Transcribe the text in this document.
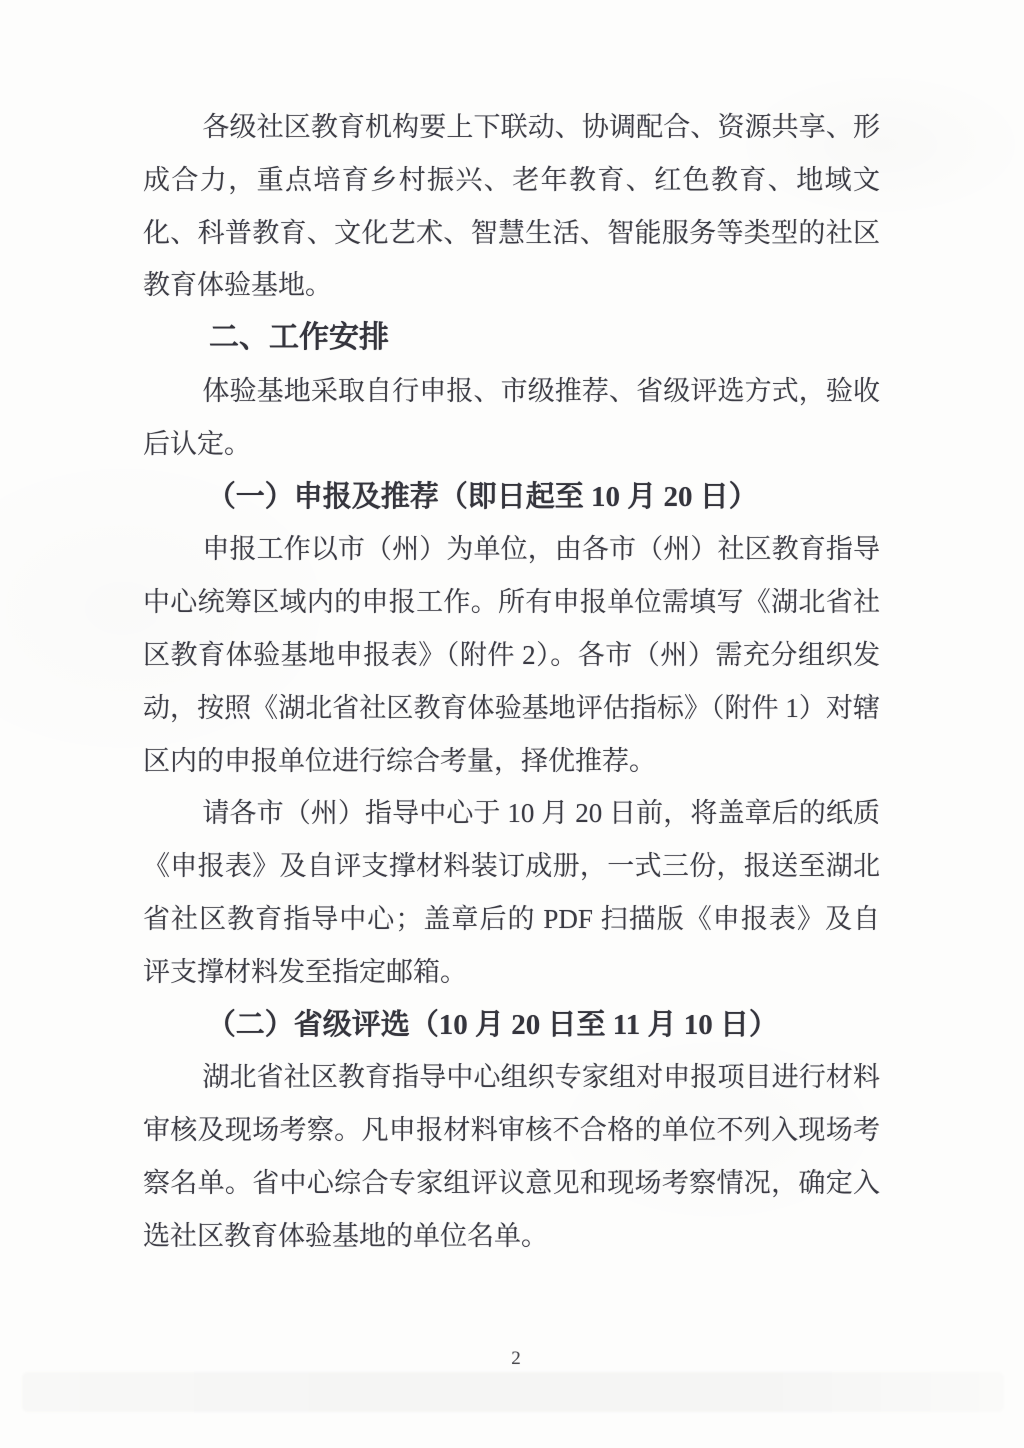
各级社区教育机构要上下联动、协调配合、资源共享、形成合力，重点培育乡村振兴、老年教育、红色教育、地域文化、科普教育、文化艺术、智慧生活、智能服务等类型的社区教育体验基地。

二、工作安排

体验基地采取自行申报、市级推荐、省级评选方式，验收后认定。

（一）申报及推荐（即日起至 10 月 20 日）

申报工作以市（州）为单位，由各市（州）社区教育指导中心统筹区域内的申报工作。所有申报单位需填写《湖北省社区教育体验基地申报表》（附件 2）。各市（州）需充分组织发动，按照《湖北省社区教育体验基地评估指标》（附件 1）对辖区内的申报单位进行综合考量，择优推荐。

请各市（州）指导中心于 10 月 20 日前，将盖章后的纸质《申报表》及自评支撑材料装订成册，一式三份，报送至湖北省社区教育指导中心；盖章后的 PDF 扫描版《申报表》及自评支撑材料发至指定邮箱。

（二）省级评选（10 月 20 日至 11 月 10 日）

湖北省社区教育指导中心组织专家组对申报项目进行材料审核及现场考察。凡申报材料审核不合格的单位不列入现场考察名单。省中心综合专家组评议意见和现场考察情况，确定入选社区教育体验基地的单位名单。

2
